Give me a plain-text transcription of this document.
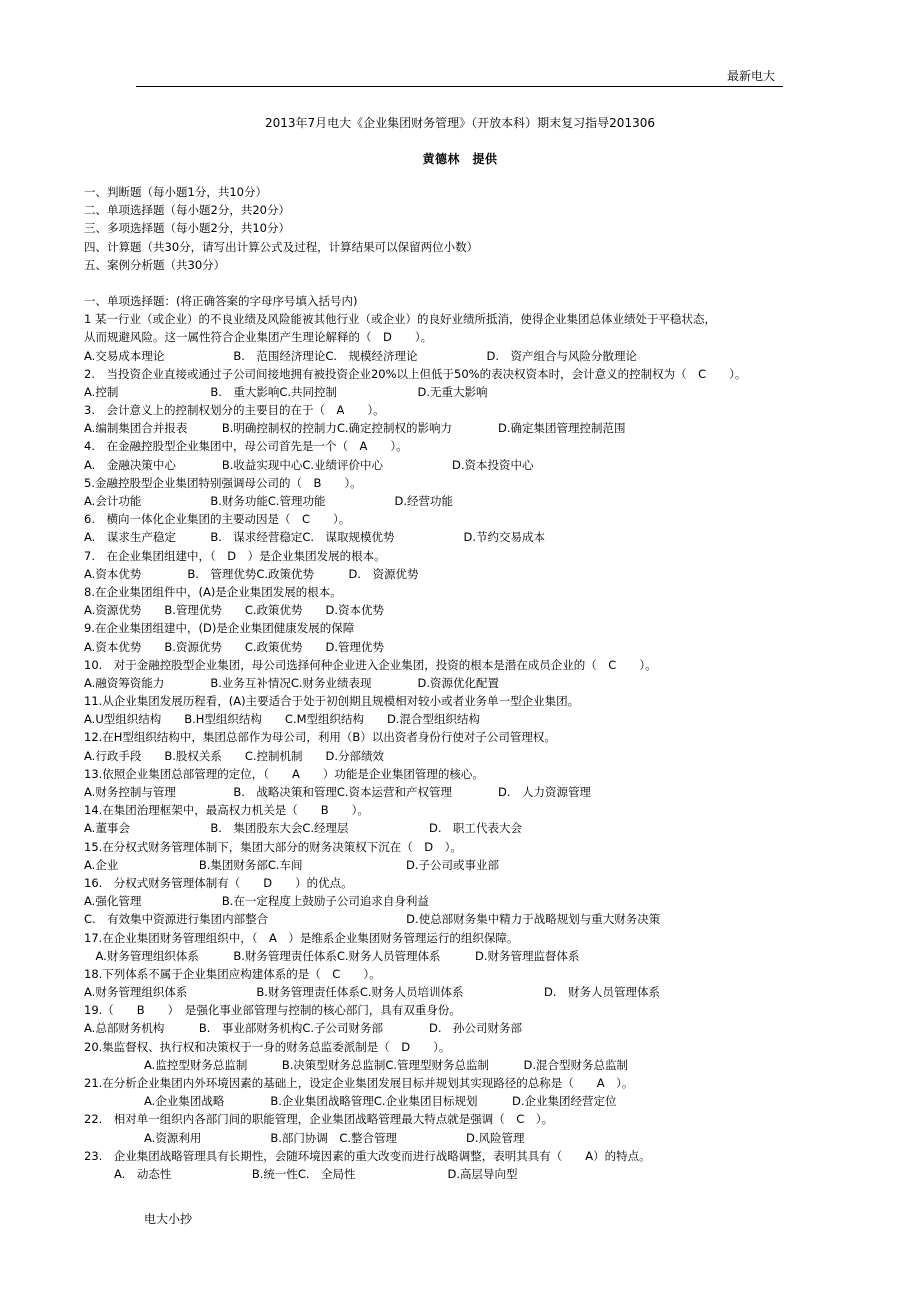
最新电大
2013年7月电大《企业集团财务管理》（开放本科）期末复习指导201306
黄德林　提供
一、判断题（每小题1分，共10分）
二、单项选择题（每小题2分，共20分）
三、多项选择题（每小题2分，共10分）
四、计算题（共30分，请写出计算公式及过程，计算结果可以保留两位小数）
五、案例分析题（共30分）
一、单项选择题：(将正确答案的字母序号填入括号内)
1 某一行业（或企业）的不良业绩及风险能被其他行业（或企业）的良好业绩所抵消，使得企业集团总体业绩处于平稳状态，
从而规避风险。这一属性符合企业集团产生理论解释的（　D　　）。
A.交易成本理论　　　　　　B.　范围经济理论C.　规模经济理论　　　　　　D.　资产组合与风险分散理论
2.　当投资企业直接或通过子公司间接地拥有被投资企业20%以上但低于50%的表决权资本时，会计意义的控制权为（　C　　）。
A.控制　　　　　　　　B.　重大影响C.共同控制　　　　　　　D.无重大影响
3.　会计意义上的控制权划分的主要目的在于（　A　　）。
A.编制集团合并报表　　　B.明确控制权的控制力C.确定控制权的影响力　　　　D.确定集团管理控制范围
4.　在金融控股型企业集团中，母公司首先是一个（　A　　）。
A.　金融决策中心　　　　B.收益实现中心C.业绩评价中心　　　　　　D.资本投资中心
5.金融控股型企业集团特别强调母公司的（　B　　）。
A.会计功能　　　　　　B.财务功能C.管理功能　　　　　　D.经营功能
6.　横向一体化企业集团的主要动因是（　C　　）。
A.　谋求生产稳定　　　B.　谋求经营稳定C.　谋取规模优势　　　　　　D.节约交易成本
7.　在企业集团组建中，（　D　）是企业集团发展的根本。
A.资本优势　　　　B.　管理优势C.政策优势　　　D.　资源优势
8.在企业集团组件中，(A)是企业集团发展的根本。
A.资源优势　　B.管理优势　　C.政策优势　　D.资本优势
9.在企业集团组建中，(D)是企业集团健康发展的保障
A.资本优势　　B.资源优势　　C.政策优势　　D.管理优势
10.　对于金融控股型企业集团，母公司选择何种企业进入企业集团，投资的根本是潜在成员企业的（　C　　）。
A.融资筹资能力　　　　B.业务互补情况C.财务业绩表现　　　　D.资源优化配置
11.从企业集团发展历程看，(A)主要适合于处于初创期且规模相对较小或者业务单一型企业集团。
A.U型组织结构　　B.H型组织结构　　C.M型组织结构　　D.混合型组织结构
12.在H型组织结构中，集团总部作为母公司，利用（B）以出资者身份行使对子公司管理权。
A.行政手段　　B.股权关系　　C.控制机制　　D.分部绩效
13.依照企业集团总部管理的定位，（　　A　　）功能是企业集团管理的核心。
A.财务控制与管理　　　　　B.　战略决策和管理C.资本运营和产权管理　　　　D.　人力资源管理
14.在集团治理框架中，最高权力机关是（　　B　　）。
A.董事会　　　　　　　B.　集团股东大会C.经理层　　　　　　　D.　职工代表大会
15.在分权式财务管理体制下，集团大部分的财务决策权下沉在（　D　）。
A.企业　　　　　　　B.集团财务部C.车间　　　　　　　　　D.子公司或事业部
16.　分权式财务管理体制有（　　D　　）的优点。
A.强化管理　　　　　　　B.在一定程度上鼓励子公司追求自身利益
C.　有效集中资源进行集团内部整合　　　　　　　　　　　　D.使总部财务集中精力于战略规划与重大财务决策
17.在企业集团财务管理组织中，（　A　）是维系企业集团财务管理运行的组织保障。
　A.财务管理组织体系　　　B.财务管理责任体系C.财务人员管理体系　　　D.财务管理监督体系
18.下列体系不属于企业集团应构建体系的是（　C　　）。
A.财务管理组织体系　　　　　　B.财务管理责任体系C.财务人员培训体系　　　　　　　D.　财务人员管理体系
19.（　　B　　）　是强化事业部管理与控制的核心部门，具有双重身份。
A.总部财务机构　　　B.　事业部财务机构C.子公司财务部　　　　D.　孙公司财务部
20.集监督权、执行权和决策权于一身的财务总监委派制是（　D　　）。
A.监控型财务总监制　　　B.决策型财务总监制C.管理型财务总监制　　　D.混合型财务总监制
21.在分析企业集团内外环境因素的基础上，设定企业集团发展目标并规划其实现路径的总称是（　　A　）。
A.企业集团战略　　　　B.企业集团战略管理C.企业集团目标规划　　　D.企业集团经营定位
22.　相对单一组织内各部门间的职能管理，企业集团战略管理最大特点就是强调（　C　）。
A.资源利用　　　　　　B.部门协调　C.整合管理　　　　　　D.风险管理
23.　企业集团战略管理具有长期性，会随环境因素的重大改变而进行战略调整，表明其具有（　　A）的特点。
A.　动态性　　　　　　　B.统一性C.　全局性　　　　　　　　D.高层导向型
电大小抄
